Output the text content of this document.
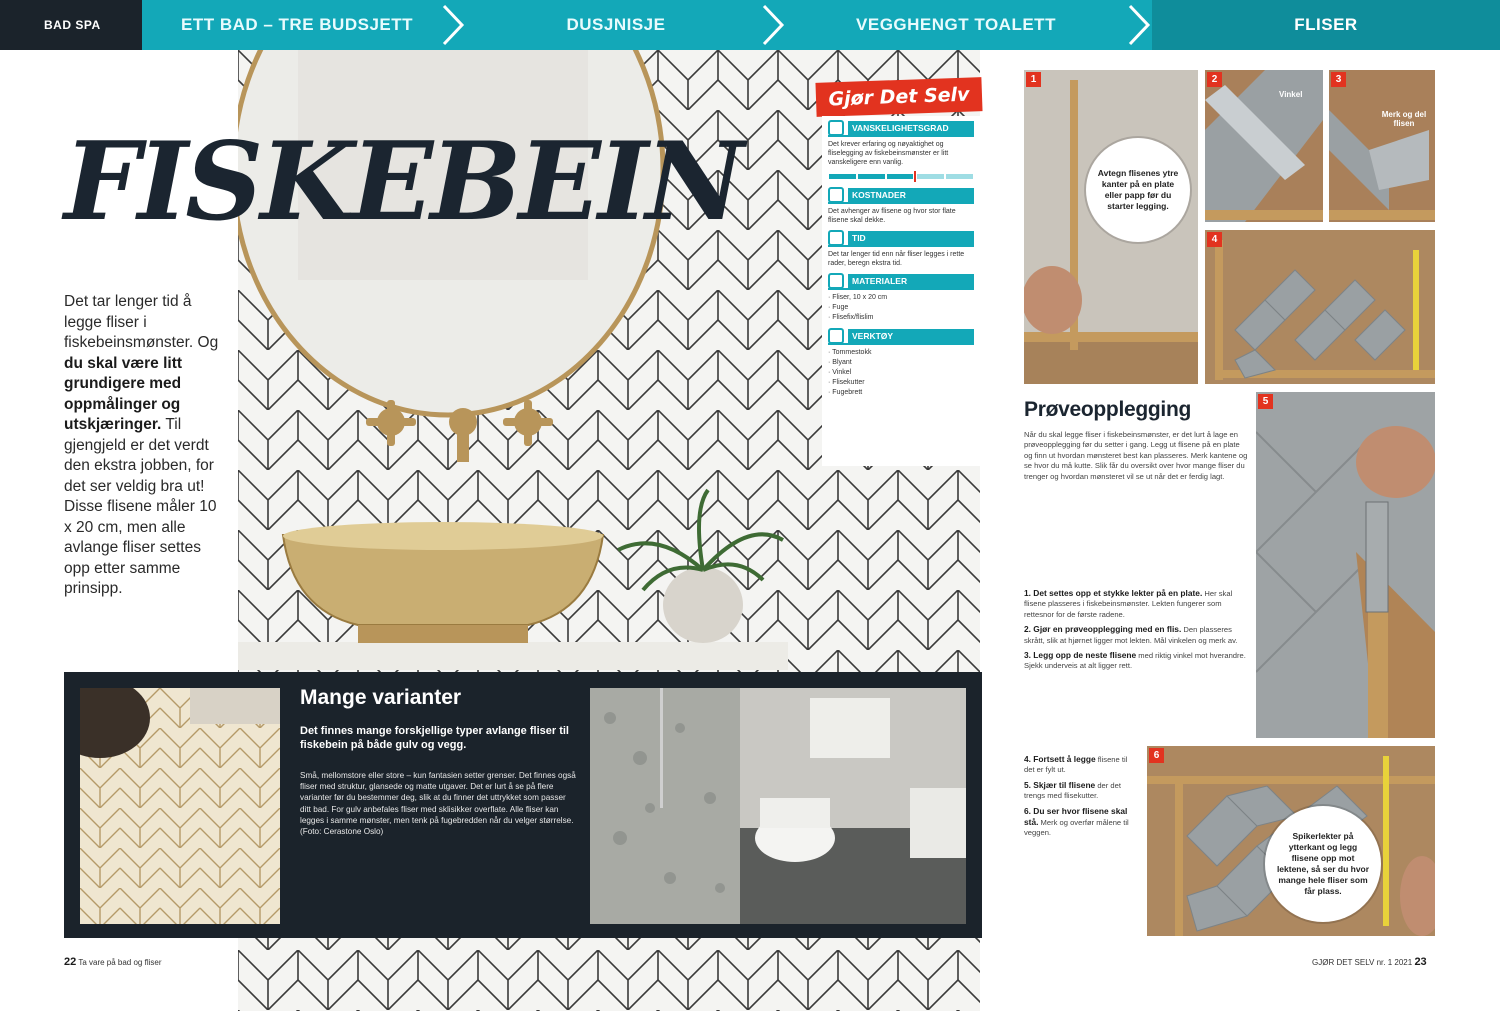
BAD SPA	ETT BAD – TRE BUDSJETT	DUSJNISJE	VEGGHENGT TOALETT	FLISER
FISKEBEIN
Det tar lenger tid å legge fliser i fiskebeinsmønster. Og du skal være litt grundigere med oppmålinger og utskjæringer. Til gjengjeld er det verdt den ekstra jobben, for det ser veldig bra ut! Disse flisene måler 10 x 20 cm, men alle avlange fliser settes opp etter samme prinsipp.
Gjør Det Selv
VANSKELIGHETSGRAD
Det krever erfaring og nøyaktighet og fliselegging av fiskebeinsmønster er litt vanskeligere enn vanlig.
KOSTNADER
Det avhenger av flisene og hvor stor flate flisene skal dekke.
TID
Det tar lenger tid enn når fliser legges i rette rader, beregn ekstra tid.
MATERIALER
· Fliser, 10 x 20 cm
· Fuge
· Flisefix/flislim
VERKTØY
· Tommestokk
· Blyant
· Vinkel
· Flisekutter
· Fugebrett
1
Avtegn flisenes ytre kanter på en plate eller papp før du starter legging.
2
Vinkel
3
Merk og del flisen
4
5
6
Spikerlekter på ytterkant og legg flisene opp mot lektene, så ser du hvor mange hele fliser som får plass.
Prøveopplegging
Når du skal legge fliser i fiskebeinsmønster, er det lurt å lage en prøveopplegging før du setter i gang. Legg ut flisene på en plate og finn ut hvordan mønsteret best kan plasseres. Merk kantene og se hvor du må kutte. Slik får du oversikt over hvor mange fliser du trenger og hvordan mønsteret vil se ut når det er ferdig lagt.
1. Det settes opp et stykke lekter på en plate. Her skal flisene plasseres i fiskebeinsmønster. Lekten fungerer som rettesnor for de første radene.
2. Gjør en prøveopplegging med en flis. Den plasseres skrått, slik at hjørnet ligger mot lekten. Mål vinkelen og merk av.
3. Legg opp de neste flisene med riktig vinkel mot hverandre. Sjekk underveis at alt ligger rett.
4. Fortsett å legge flisene til det er fylt ut.
5. Skjær til flisene der det trengs med flisekutter.
6. Du ser hvor flisene skal stå. Merk og overfør målene til veggen.
Mange varianter
Det finnes mange forskjellige typer avlange fliser til fiskebein på både gulv og vegg.
Små, mellomstore eller store – kun fantasien setter grenser. Det finnes også fliser med struktur, glansede og matte utgaver. Det er lurt å se på flere varianter før du bestemmer deg, slik at du finner det uttrykket som passer ditt bad. For gulv anbefales fliser med sklisikker overflate. Alle fliser kan legges i samme mønster, men tenk på fugebredden når du velger størrelse. (Foto: Cerastone Oslo)
22 Ta vare på bad og fliser	GJØR DET SELV nr. 1 2021 23
